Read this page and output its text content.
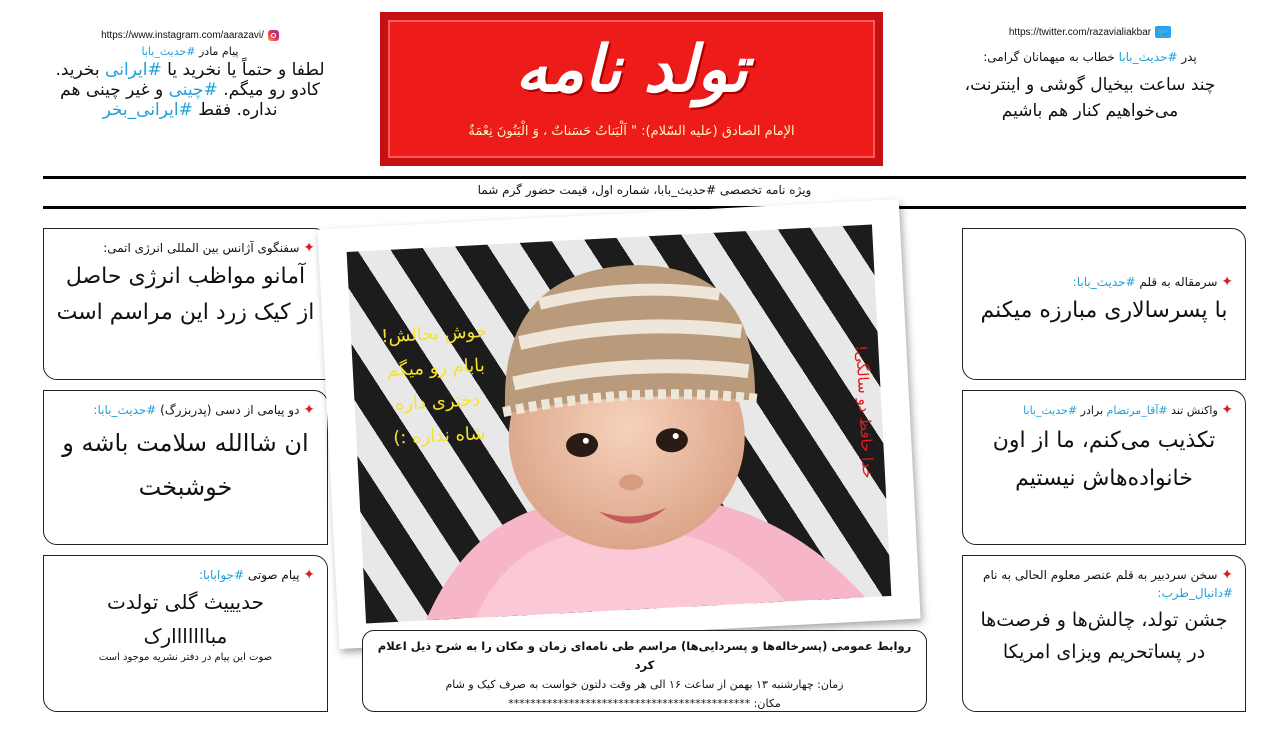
https://www.instagram.com/aarazavi/
پیام مادر #حدیث_بابا
لطفا و حتماً یا نخرید یا #ایرانی بخرید.
کادو رو میگم. #چینی و غیر چینی هم
نداره. فقط #ایرانی_بخر
تولد نامه
الإمام الصادق (علیه السّلام): " اَلْبَناتُ حَسَناتٌ ، وَ الْبَنُونَ نِعْمَةٌ
https://twitter.com/razavialiakbar 🐦
پدر #حدیث_بابا خطاب به میهمانان گرامی:
چند ساعت بیخیال گوشی و اینترنت،
می‌خواهیم کنار هم باشیم
ویژه نامه تخصصی #حدیث_بابا، شماره اول، قیمت حضور گرم شما
✦ سفنگوی آژانس بین المللی انرژی اتمی:
آمانو مواظب انرژی حاصل از کیک زرد این مراسم است
✦ دو پیامی از دسی (پدربزرگ) #حدیث_بابا:
ان شاالله سلامت باشه و خوشبخت
✦ پیام صوتی #جوابابا:
حدیییث گلی تولدت
مبااااااارک
صوت این پیام در دفتر نشریه موجود است
✦ سرمقاله به قلم #حدیث_بابا:
با پسرسالاری مبارزه میکنم
✦ واکنش تند #آقا_مرتضام برادر #حدیث_بابا
تکذیب می‌کنم، ما از اون خانواده‌هاش نیستیم
✦ سخن سردبیر به قلم عنصر معلوم الحالی به نام #دانیال_طرب:
جشن تولد، چالش‌ها و فرصت‌ها در پساتحریم ویزای امریکا
خوش بحالش!
بابام رو میگم
دختری داره
شاه نداره :)	خدا حافظ دو سالگی!
روابط عمومی (پسرخاله‌ها و پسردایی‌ها) مراسم طی نامه‌ای زمان و مکان را به شرح ذیل اعلام کرد
زمان: چهارشنبه ۱۳ بهمن از ساعت ۱۶ الی هر وقت دلتون خواست به صرف کیک و شام
مکان: ********************************************
